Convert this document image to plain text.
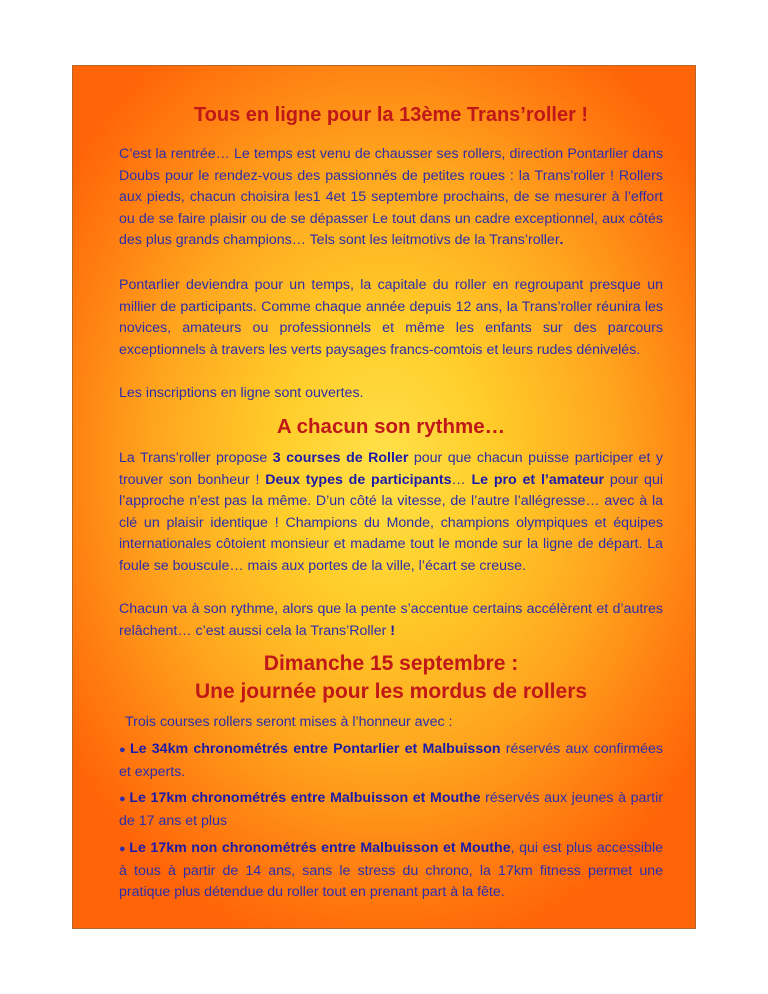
Tous en ligne pour la 13ème Trans’roller !

C’est la rentrée… Le temps est venu de chausser ses rollers, direction Pontarlier dans Doubs pour le rendez-vous des passionnés de petites roues : la Trans’roller ! Rollers aux pieds, chacun choisira les1 4et 15 septembre prochains, de se mesurer à l’effort ou de se faire plaisir ou de se dépasser Le tout dans un cadre exceptionnel, aux côtés des plus grands champions… Tels sont les leitmotivs de la Trans’roller.

Pontarlier deviendra pour un temps, la capitale du roller en regroupant presque un millier de participants. Comme chaque année depuis 12 ans, la Trans’roller réunira les novices, amateurs ou professionnels et même les enfants sur des parcours exceptionnels à travers les verts paysages francs-comtois et leurs rudes dénivelés.

Les inscriptions en ligne sont ouvertes.

A chacun son rythme…

La Trans’roller propose 3 courses de Roller pour que chacun puisse participer et y trouver son bonheur ! Deux types de participants… Le pro et l’amateur pour qui l’approche n’est pas la même. D’un côté la vitesse, de l’autre l’allégresse… avec à la clé un plaisir identique ! Champions du Monde, champions olympiques et équipes internationales côtoient monsieur et madame tout le monde sur la ligne de départ. La foule se bouscule… mais aux portes de la ville, l’écart se creuse.

Chacun va à son rythme, alors que la pente s’accentue certains accélèrent et d’autres relâchent… c’est aussi cela la Trans’Roller !

Dimanche 15 septembre :
Une journée pour les mordus de rollers

Trois courses rollers seront mises à l’honneur avec :

● Le 34km chronométrés entre Pontarlier et Malbuisson réservés aux confirmées et experts.

● Le 17km chronométrés entre Malbuisson et Mouthe réservés aux jeunes à partir de 17 ans et plus

● Le 17km non chronométrés entre Malbuisson et Mouthe, qui est plus accessible à tous à partir de 14 ans, sans le stress du chrono, la 17km fitness permet une pratique plus détendue du roller tout en prenant part à la fête.
